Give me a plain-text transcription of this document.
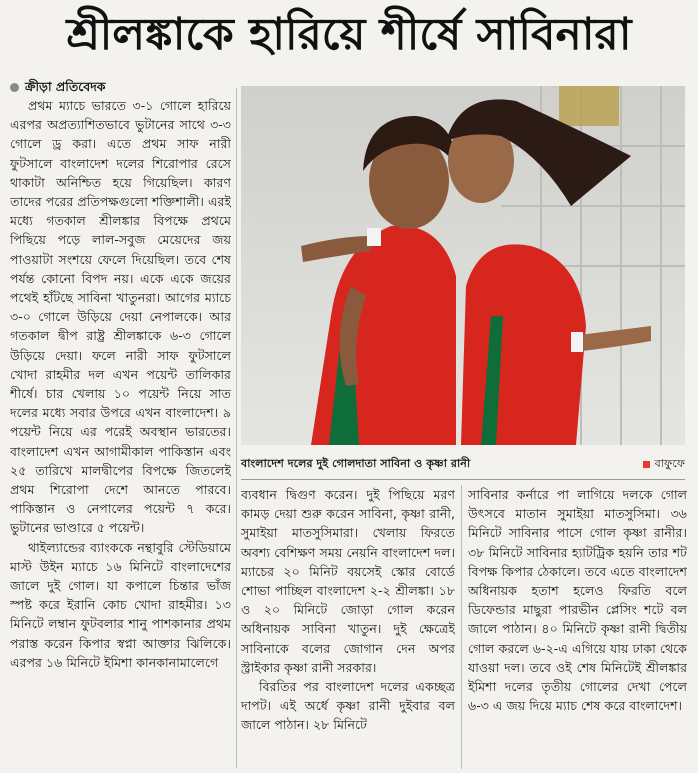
শ্রীলঙ্কাকে হারিয়ে শীর্ষে সাবিনারা
ক্রীড়া প্রতিবেদক

প্রথম ম্যাচে ভারতে ৩-১ গোলে হারিয়ে এরপর অপ্রত্যাশিতভাবে ভুটানের সাথে ৩-৩ গোলে ড্র করা। এতে প্রথম সাফ নারী ফুটসালে বাংলাদেশ দলের শিরোপার রেসে থাকাটা অনিশ্চিত হয়ে গিয়েছিল। কারণ তাদের পরের প্রতিপক্ষগুলো শক্তিশালী। এরই মধ্যে গতকাল শ্রীলঙ্কার বিপক্ষে প্রথমে পিছিয়ে পড়ে লাল-সবুজ মেয়েদের জয় পাওয়াটা সংশয়ে ফেলে দিয়েছিল। তবে শেষ পর্যন্ত কোনো বিপদ নয়। একে একে জয়ের পথেই হাঁটছে সাবিনা খাতুনরা। আগের ম্যাচে ৩-০ গোলে উড়িয়ে দেয়া নেপালকে। আর গতকাল দ্বীপ রাষ্ট্র শ্রীলঙ্কাকে ৬-৩ গোলে উড়িয়ে দেয়া। ফলে নারী সাফ ফুটসালে খোদা রাহমীর দল এখন পয়েন্ট তালিকার শীর্ষে। চার খেলায় ১০ পয়েন্ট নিয়ে সাত দলের মধ্যে সবার উপরে এখন বাংলাদেশ। ৯ পয়েন্ট নিয়ে এর পরেই অবস্থান ভারতের। বাংলাদেশ এখন আগামীকাল পাকিস্তান এবং ২৫ তারিখে মালদ্বীপের বিপক্ষে জিতলেই প্রথম শিরোপা দেশে আনতে পারবে। পাকিস্তান ও নেপালের পয়েন্ট ৭ করে। ভুটানের ভাণ্ডারে ৫ পয়েন্ট।

থাইল্যান্ডের ব্যাংককে নন্থাবুরি স্টেডিয়ামে মাস্ট উইন ম্যাচে ১৬ মিনিটে বাংলাদেশের জালে দুই গোল। যা কপালে চিন্তার ভাঁজ স্পষ্ট করে ইরানি কোচ খোদা রাহমীর। ১৩ মিনিটে লম্বান ফুটবলার শানু পাশকানার প্রথম পরাস্ত করেন কিপার স্বপ্না আক্তার ঝিলিকে। এরপর ১৬ মিনিটে ইমিশা কানকানামালেগে

বাংলাদেশ দলের দুই গোলদাতা সাবিনা ও কৃষ্ণা রানী	বাফুফে

ব্যবধান দ্বিগুণ করেন। দুই পিছিয়ে মরণ কামড় দেয়া শুরু করেন সাবিনা, কৃষ্ণা রানী, সুমাইয়া মাতসুসিমারা। খেলায় ফিরতে অবশ্য বেশিক্ষণ সময় নেয়নি বাংলাদেশ দল। ম্যাচের ২০ মিনিট বয়সেই স্কোর বোর্ডে শোভা পাচ্ছিল বাংলাদেশ ২-২ শ্রীলঙ্কা। ১৮ ও ২০ মিনিটে জোড়া গোল করেন অধিনায়ক সাবিনা খাতুন। দুই ক্ষেত্রেই সাবিনাকে বলের জোগান দেন অপর স্ট্রাইকার কৃষ্ণা রানী সরকার।

বিরতির পর বাংলাদেশ দলের একচ্ছত্র দাপট। এই অর্ধে কৃষ্ণা রানী দুইবার বল জালে পাঠান। ২৮ মিনিটে

সাবিনার কর্নারে পা লাগিয়ে দলকে গোল উৎসবে মাতান সুমাইয়া মাতসুসিমা। ৩৬ মিনিটে সাবিনার পাসে গোল কৃষ্ণা রানীর। ৩৮ মিনিটে সাবিনার হ্যাটট্রিক হয়নি তার শট বিপক্ষ কিপার ঠেকালে। তবে এতে বাংলাদেশ অধিনায়ক হতাশ হলেও ফিরতি বলে ডিফেন্ডার মাছুরা পারভীন প্লেসিং শটে বল জালে পাঠান। ৪০ মিনিটে কৃষ্ণা রানী দ্বিতীয় গোল করলে ৬-২-এ এগিয়ে যায় ঢাকা থেকে যাওয়া দল। তবে ওই শেষ মিনিটেই শ্রীলঙ্কার ইমিশা দলের তৃতীয় গোলের দেখা পেলে ৬-৩ এ জয় দিয়ে ম্যাচ শেষ করে বাংলাদেশ।
